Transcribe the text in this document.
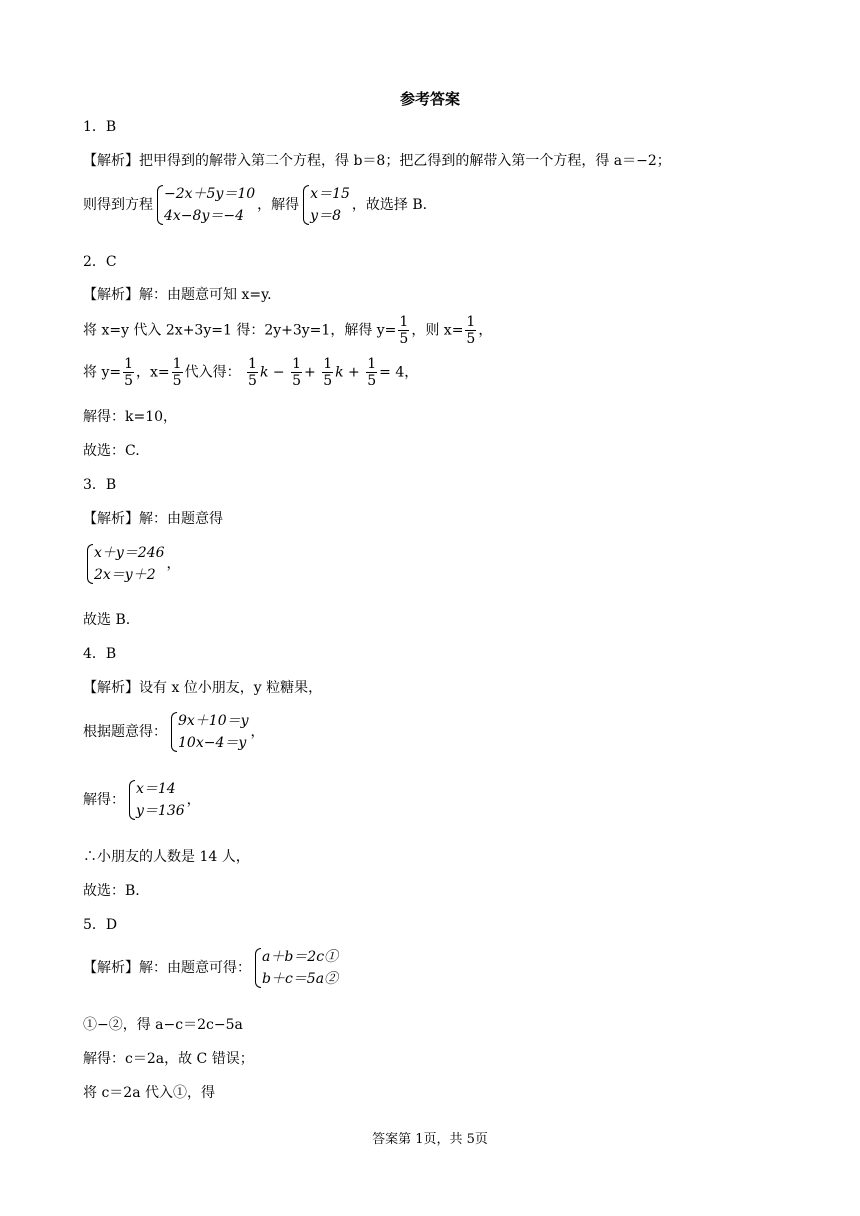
参考答案
1．B
【解析】把甲得到的解带入第二个方程，得 b＝8；把乙得到的解带入第一个方程，得 a＝−2；
则得到方程
−2x＋5y＝10
4x−8y＝−4
，解得
x＝15
y＝8
，故选择 B.
2．C
【解析】解：由题意可知 x=y.
将 x=y 代入 2x+3y=1 得：2y+3y=1，解得 $y= \frac{1}{5}$ ，则 $x= \frac{1}{5}$ ，
将 $y= \frac{1}{5}$ ，$x= \frac{1}{5}$ 代入得： $\frac{1}{5}$ $k - \frac{1}{5} + \frac{1}{5}$ $k + \frac{1}{5} = 4$，
解得：k=10，
故选：C.
3．B
【解析】解：由题意得
x＋y＝246
2x＝y＋2
，
故选 B.
4．B
【解析】设有 x 位小朋友，y 粒糖果，
根据题意得：
9x＋10＝y
10x−4＝y
，
解得：
x＝14
y＝136
，
∴小朋友的人数是 14 人，
故选：B.
5．D
【解析】解：由题意可得：
a＋b＝2c①
b＋c＝5a②
①−②，得 a−c＝2c−5a
解得：c＝2a，故 C 错误；
将 c＝2a 代入①，得
答案第 1页，共 5页
